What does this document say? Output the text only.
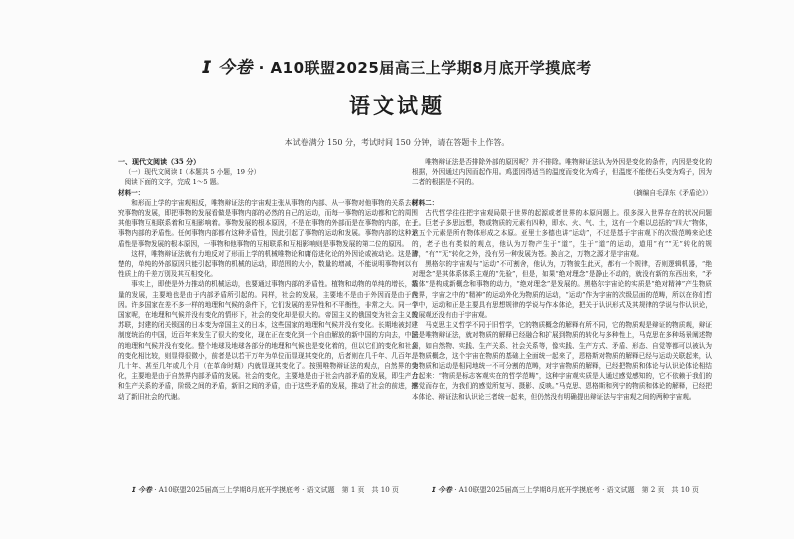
𝙄 今卷 · A10联盟2025届高三上学期8月底开学摸底考
语文试题
本试卷满分 150 分，考试时间 150 分钟，请在答题卡上作答。

一、现代文阅读（35 分）

（一）现代文阅读 I（本题共 5 小题，19 分）

阅读下面的文字，完成 1～5 题。

材料一：

和形而上学的宇宙观相反，唯物辩证法的宇宙观主张从事物的内部、从一事物对他事物的关系去研究事物的发展，即把事物的发展看做是事物内部的必然的自己的运动，而每一事物的运动都和它的周围其他事物互相联系着和互相影响着。事物发展的根本原因，不是在事物的外部而是在事物的内部，在于事物内部的矛盾性。任何事物内部都有这种矛盾性，因此引起了事物的运动和发展。事物内部的这种矛盾性是事物发展的根本原因，一事物和他事物的互相联系和互相影响则是事物发展的第二位的原因。

这样，唯物辩证法就有力地反对了形而上学的机械唯物论和庸俗进化论的外因论或被动论。这是清楚的，单纯的外部原因只能引起事物的机械的运动，即范围的大小，数量的增减，不能说明事物何以有性质上的千差万别及其互相变化。

事实上，即使是外力推动的机械运动，也要通过事物内部的矛盾性。植物和动物的单纯的增长，数量的发展，主要地也是由于内部矛盾所引起的。同样，社会的发展，主要地不是由于外因而是由于内因。许多国家在差不多一样的地理和气候的条件下，它们发展的差异性和不平衡性，非常之大。同一个国家呢，在地理和气候并没有变化的情形下，社会的变化却是很大的。帝国主义的俄国变为社会主义的苏联，封建的闭关锁国的日本变为帝国主义的日本，这些国家的地理和气候并没有变化。长期地被封建制度统治的中国，近百年来发生了很大的变化，现在正在变化到一个自由解放的新中国的方向去，中国的地理和气候并没有变化。整个地球及地球各部分的地理和气候也是变化着的，但以它们的变化和社会的变化相比较，则显得很微小，前者是以若干万年为单位而显现其变化的，后者则在几千年、几百年、几十年、甚至几年或几个月（在革命时期）内就显现其变化了。按照唯物辩证法的观点，自然界的变化，主要地是由于自然界内部矛盾的发展。社会的变化，主要地是由于社会内部矛盾的发展，即生产力和生产关系的矛盾，阶级之间的矛盾，新旧之间的矛盾，由于这些矛盾的发展，推动了社会的前进，推动了新旧社会的代谢。

唯物辩证法是否排除外部的原因呢？并不排除。唯物辩证法认为外因是变化的条件，内因是变化的根据，外因通过内因而起作用。鸡蛋因得适当的温度而变化为鸡子，但温度不能使石头变为鸡子，因为二者的根据是不同的。

（摘编自毛泽东《矛盾论》）

材料二：

古代哲学往往把宇宙观局限于世界的起源或者世界的本原问题上。很多深入世界存在的状况问题上。巨老子多思远想，物或物质的元素有四种，即水、火、气、土，这有一个难以总括的“四大”物体，这五个元素是所有物体形成之本原。亚里士多德也讲“运动”，不过是基于宇宙观下的次级范畴来论述的，老子也有类似的观点，他认为万物产生于“道”，生于“道”的运动，道用“有”“无”转化的规律，“有”“无”转化之外，没有另一种发展为苍。换言之，万物之源才是宇宙观。

黑格尔的宇宙观与“运动”不可割舍，他认为，万物彼生此灭，都有一个规律，否则逻辑机器，“绝对理念”是其体系体系主观的“先验”，但是，如果“绝对理念”是静止不动的，就没有新的东西出来，“矛盾体”是构成新概念和事物的动力，“绝对理念”是发展的。黑格尔宇宙论的实质是“绝对精神”产生物质世界，宇宙之中的“精神”的运动外化为物质的运动，“运动”作为宇宙的次级层面的范畴，所以在你们哲学中，运动和正是主要具有思想规律的学说与作本体论，把关于认识形式及其规律的学说与作认识论，发展观还没有由于宇宙观。

马克思主义哲学不同于旧哲学，它的物质概念的解释有所不同，它的物质观是辩证的物质观，辩证法是唯物辩证法，就对物质的解释已经融合和扩展到物质的转化与多种性上，马克思在多种场景阐述物质，如自然物、实践、生产关系、社会关系等，像实践、生产方式、矛盾、形态、自觉等都可以被认为是物质概念，这个宇宙在物质的基础上全面统一起来了，恩格斯对物质的解释已经与运动关联起来，认为物质和运动是相同地统一不可分割的范畴，对宇宙物质的解释，已经把物质和体论与认识论体论相结合起来：“物质是标志客观实在的哲学范畴”，这种宇宙观实质是人通过感觉感知的，它不依赖于我们的感觉而存在，为我们的感觉所复写、摄影、反映。”马克思、恩格斯和列宁的物质和体论的解释，已经把本体论、辩证法和认识论三者统一起来，但仍然没有明确提出辩证法与宇宙观之间的两种宇宙观。

𝙄 今卷 · A10联盟2025届高三上学期8月底开学摸底考 · 语文试题　第 1 页　共 10 页	𝙄 今卷 · A10联盟2025届高三上学期8月底开学摸底考 · 语文试题　第 2 页　共 10 页
